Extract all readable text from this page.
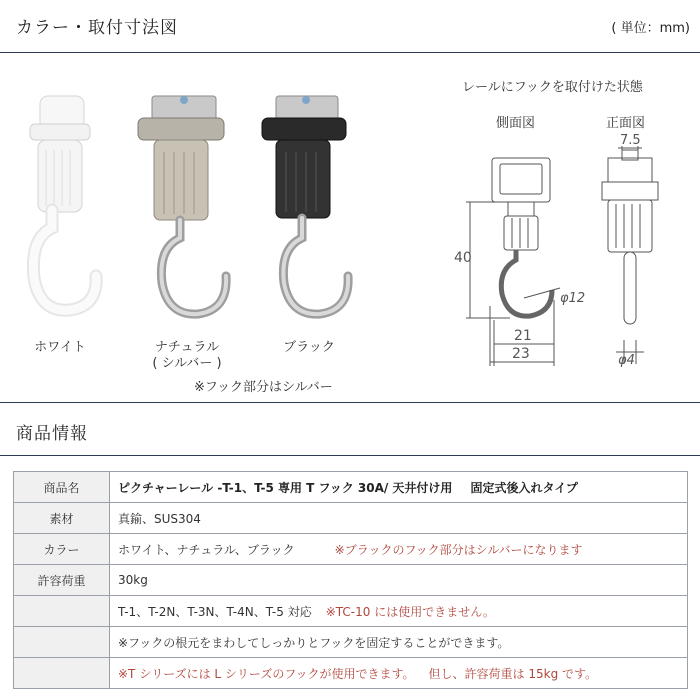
カラー・取付寸法図	( 単位：mm)
ホワイト	ナチュラル
( シルバー )
ブラック
※フック部分はシルバー
レールにフックを取付けた状態
側面図	正面図
40
21
23
φ12
7.5
φ4
商品情報
商品名	ピクチャーレール -T-1、T-5 専用 T フック 30A/ 天井付け用 固定式後入れタイプ
素材	真鍮、SUS304
カラー	ホワイト、ナチュラル、ブラック ※ブラックのフック部分はシルバーになります
許容荷重	30kg
	T-1、T-2N、T-3N、T-4N、T-5 対応 ※TC-10 には使用できません。
	※フックの根元をまわしてしっかりとフックを固定することができます。
	※T シリーズには L シリーズのフックが使用できます。 但し、許容荷重は 15kg です。
